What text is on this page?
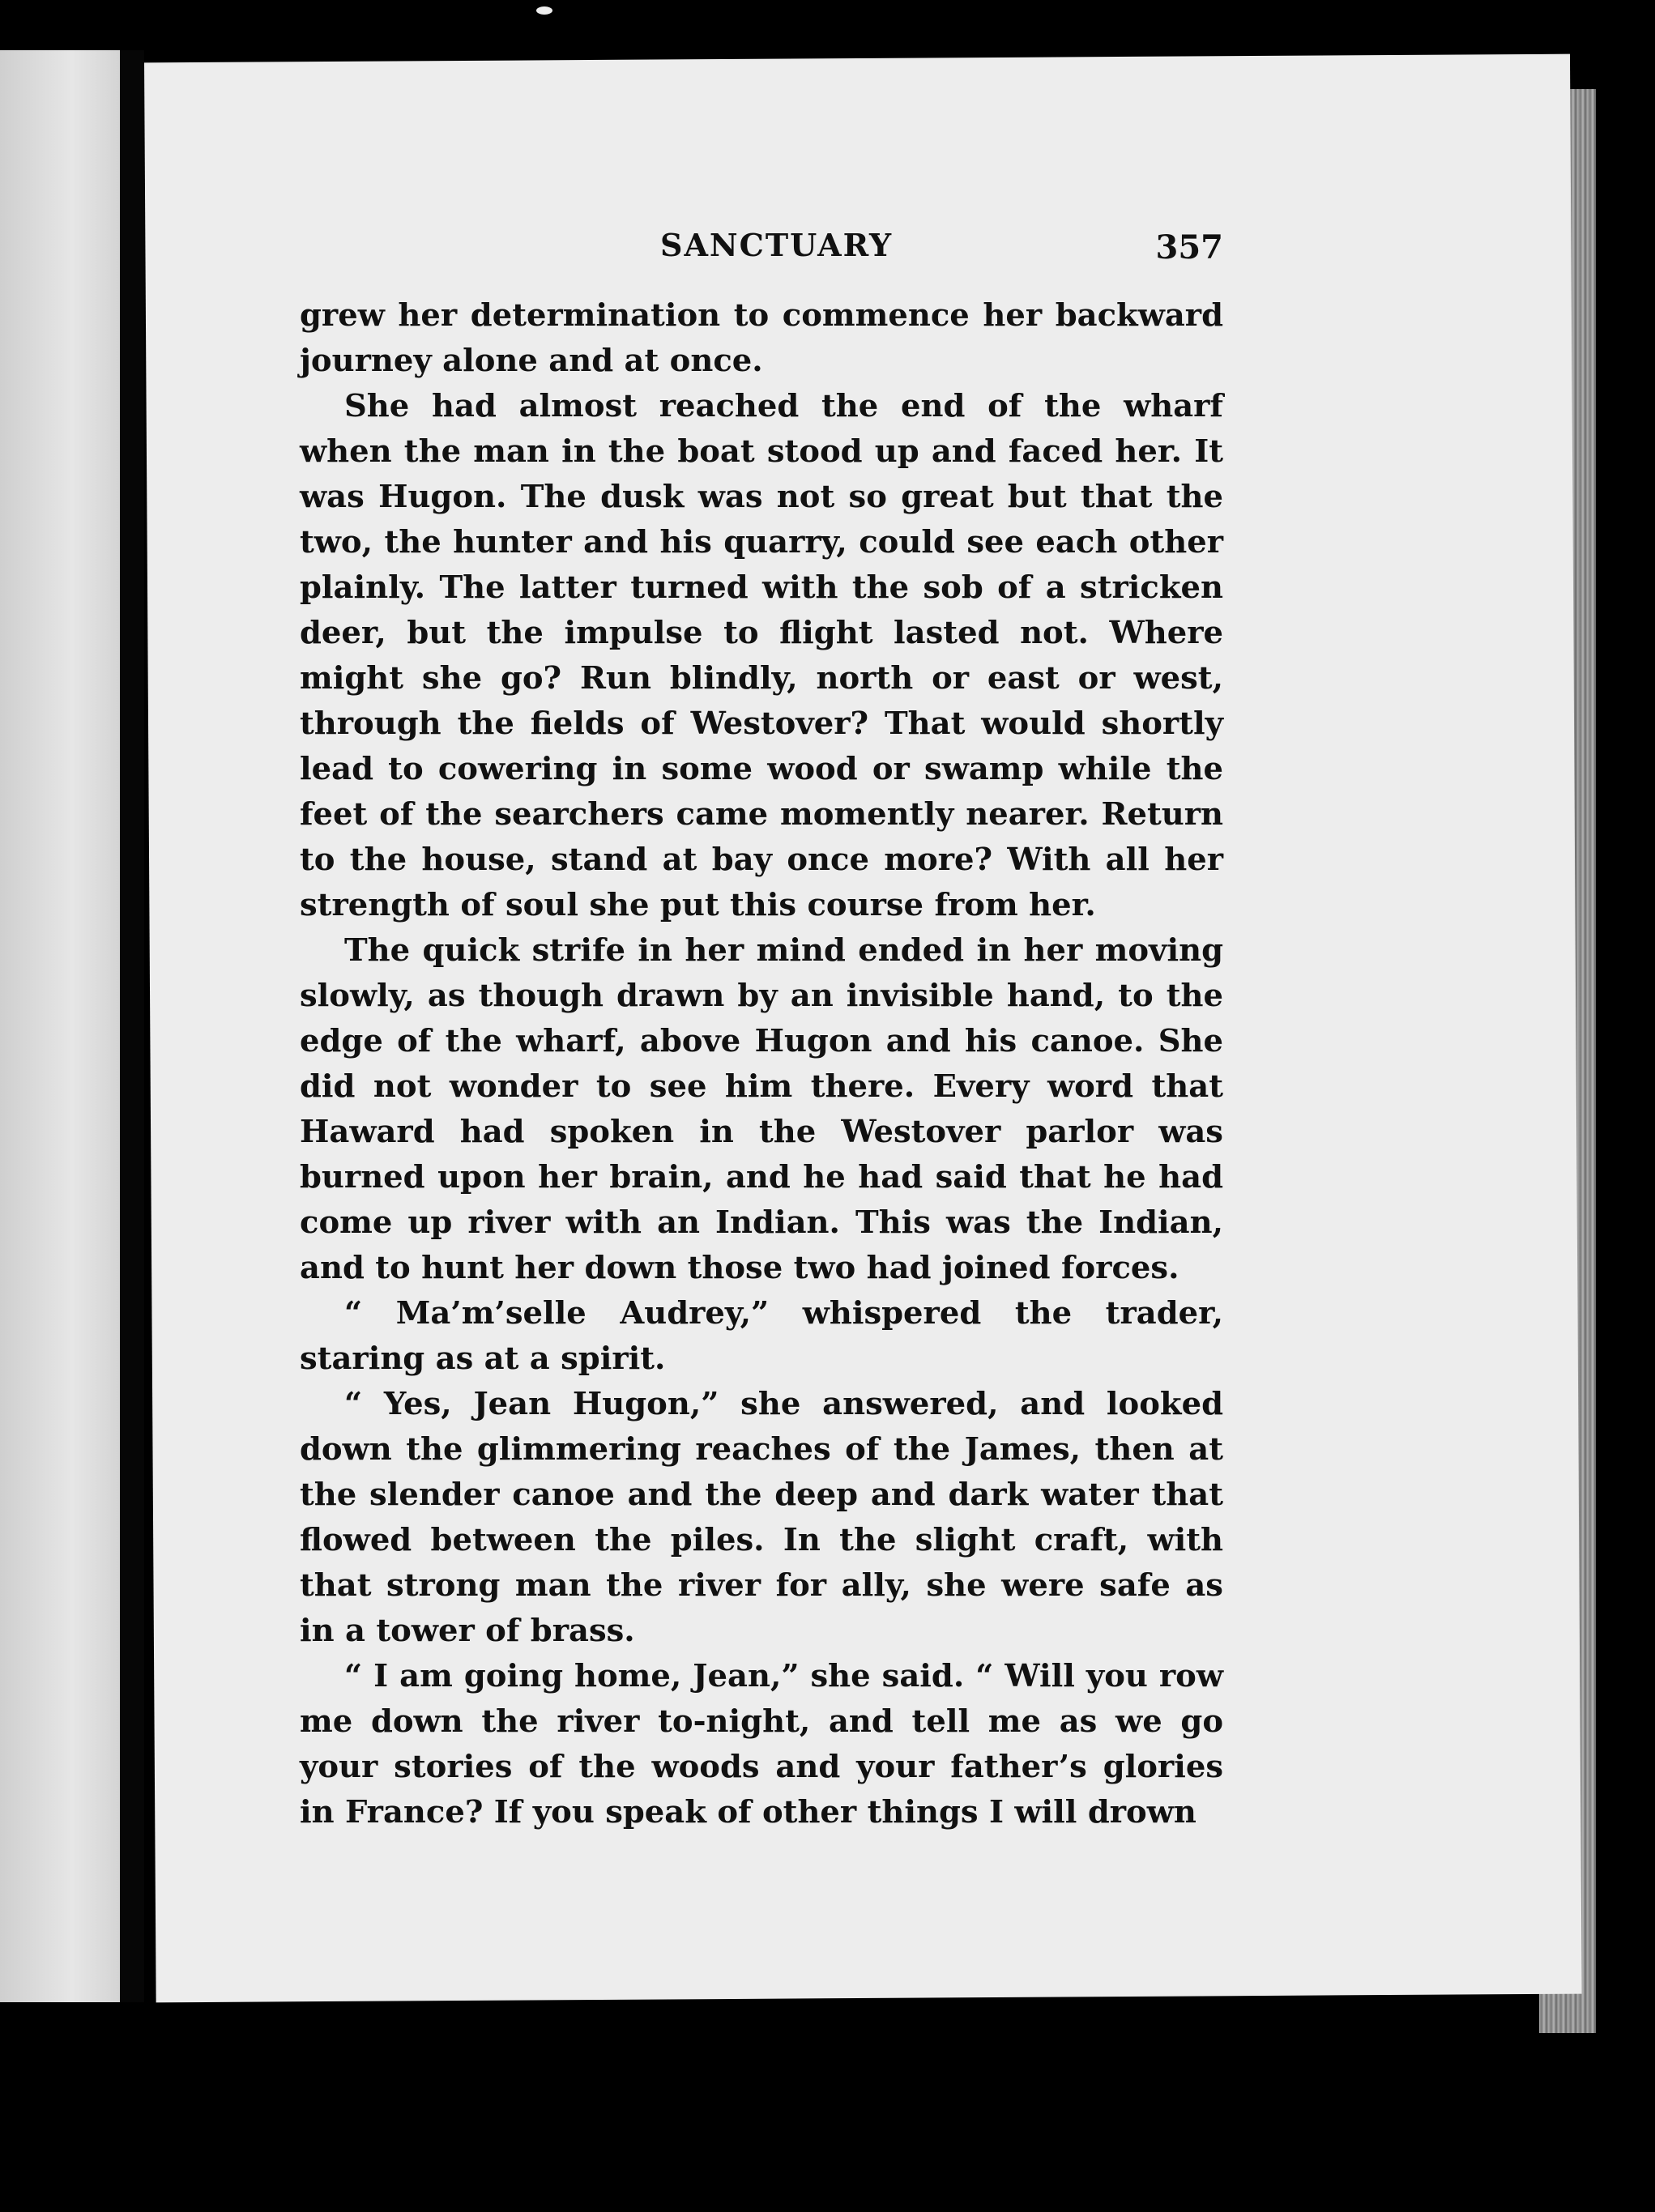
SANCTUARY	357

grew her determination to commence her backward journey alone and at once.

She had almost reached the end of the wharf when the man in the boat stood up and faced her. It was Hugon. The dusk was not so great but that the two, the hunter and his quarry, could see each other plainly. The latter turned with the sob of a stricken deer, but the impulse to flight lasted not. Where might she go? Run blindly, north or east or west, through the fields of Westover? That would shortly lead to cowering in some wood or swamp while the feet of the searchers came momently nearer. Return to the house, stand at bay once more? With all her strength of soul she put this course from her.

The quick strife in her mind ended in her moving slowly, as though drawn by an invisible hand, to the edge of the wharf, above Hugon and his canoe. She did not wonder to see him there. Every word that Haward had spoken in the Westover parlor was burned upon her brain, and he had said that he had come up river with an Indian. This was the Indian, and to hunt her down those two had joined forces.

“ Ma’m’selle Audrey,” whispered the trader, staring as at a spirit.

“ Yes, Jean Hugon,” she answered, and looked down the glimmering reaches of the James, then at the slender canoe and the deep and dark water that flowed between the piles. In the slight craft, with that strong man the river for ally, she were safe as in a tower of brass.

“ I am going home, Jean,” she said. “ Will you row me down the river to-night, and tell me as we go your stories of the woods and your father’s glories in France? If you speak of other things I will drown
